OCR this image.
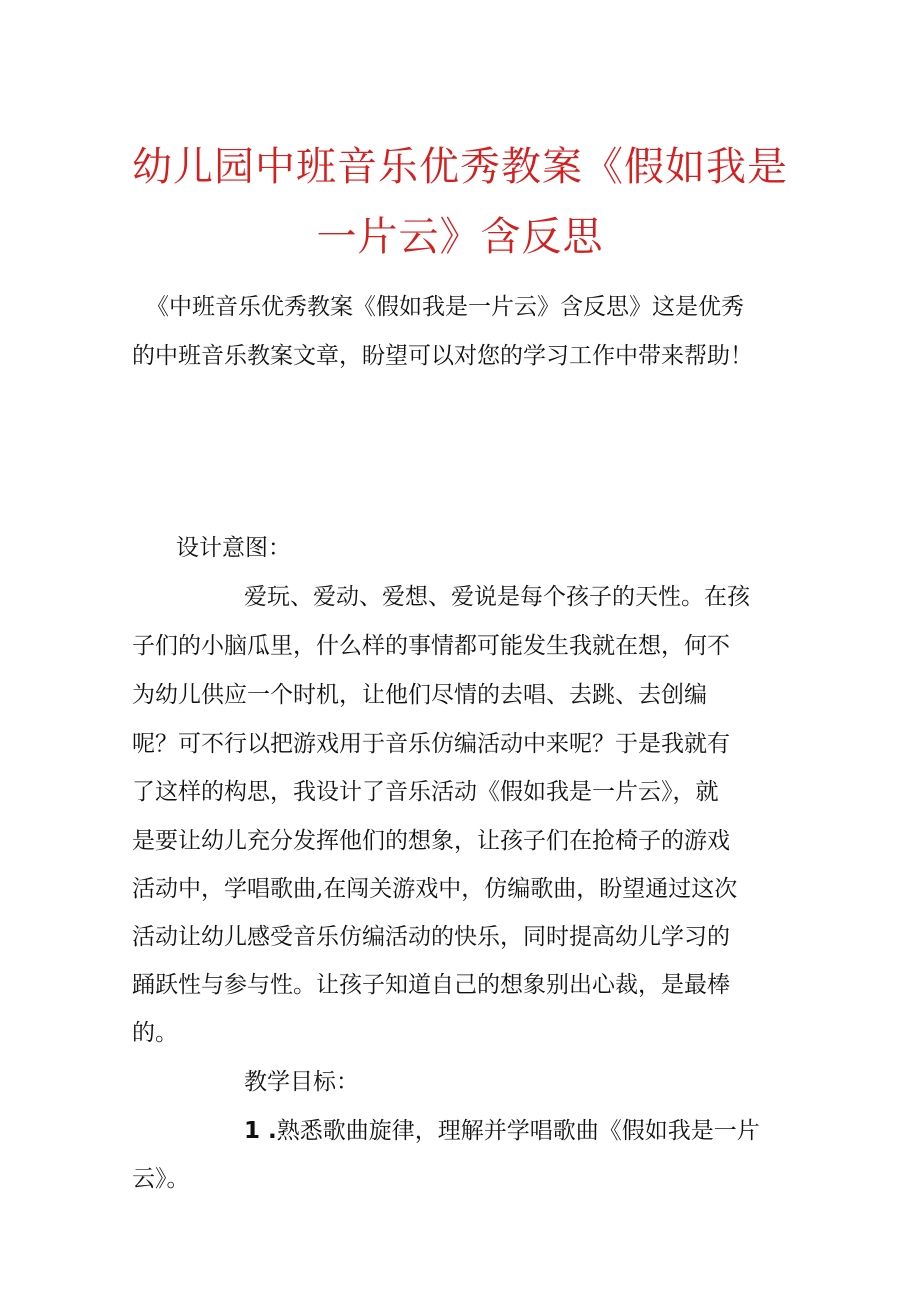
幼儿园中班音乐优秀教案《假如我是
一片云》含反思
《中班音乐优秀教案《假如我是一片云》含反思》这是优秀
的中班音乐教案文章，盼望可以对您的学习工作中带来帮助！
设计意图：
爱玩、爱动、爱想、爱说是每个孩子的天性。在孩
子们的小脑瓜里，什么样的事情都可能发生我就在想，何不
为幼儿供应一个时机，让他们尽情的去唱、去跳、去创编
呢？可不行以把游戏用于音乐仿编活动中来呢？于是我就有
了这样的构思，我设计了音乐活动《假如我是一片云》，就
是要让幼儿充分发挥他们的想象，让孩子们在抢椅子的游戏
活动中，学唱歌曲,在闯关游戏中，仿编歌曲，盼望通过这次
活动让幼儿感受音乐仿编活动的快乐，同时提高幼儿学习的
踊跃性与参与性。让孩子知道自己的想象别出心裁，是最棒
的。
教学目标：
1 .熟悉歌曲旋律，理解并学唱歌曲《假如我是一片
云》。
